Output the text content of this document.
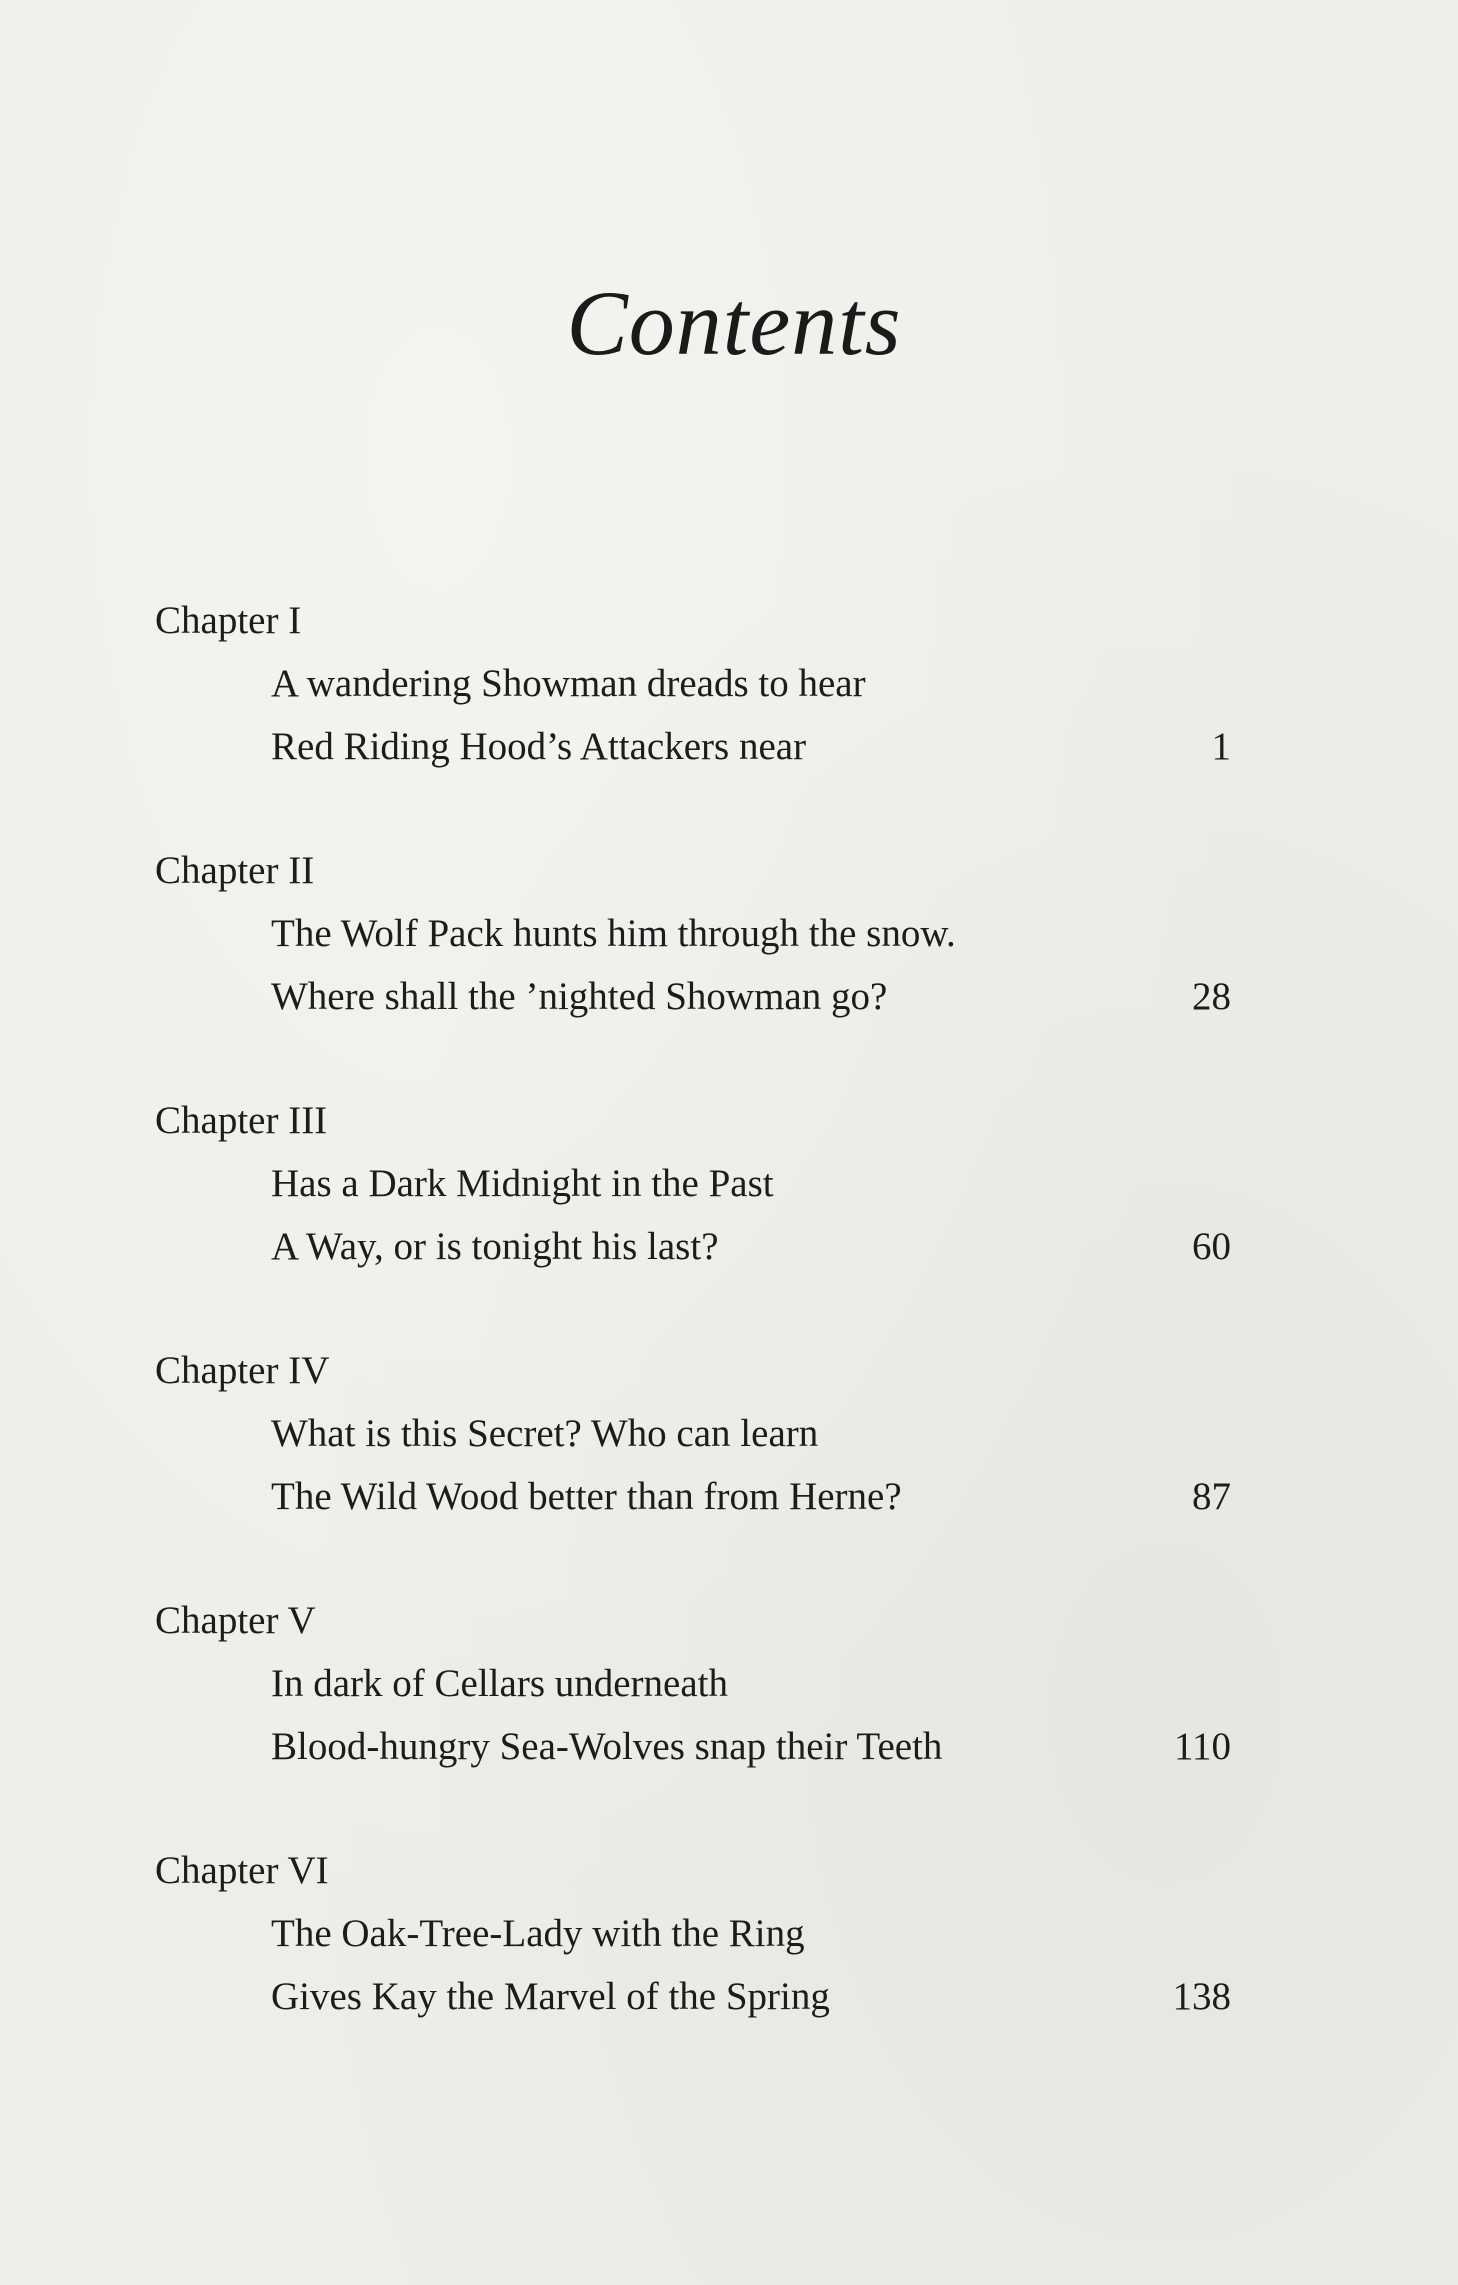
Contents
Chapter I
A wandering Showman dreads to hear
Red Riding Hood’s Attackers near	1
Chapter II
The Wolf Pack hunts him through the snow.
Where shall the ’nighted Showman go?	28
Chapter III
Has a Dark Midnight in the Past
A Way, or is tonight his last?	60
Chapter IV
What is this Secret? Who can learn
The Wild Wood better than from Herne?	87
Chapter V
In dark of Cellars underneath
Blood-hungry Sea-Wolves snap their Teeth	110
Chapter VI
The Oak-Tree-Lady with the Ring
Gives Kay the Marvel of the Spring	138
